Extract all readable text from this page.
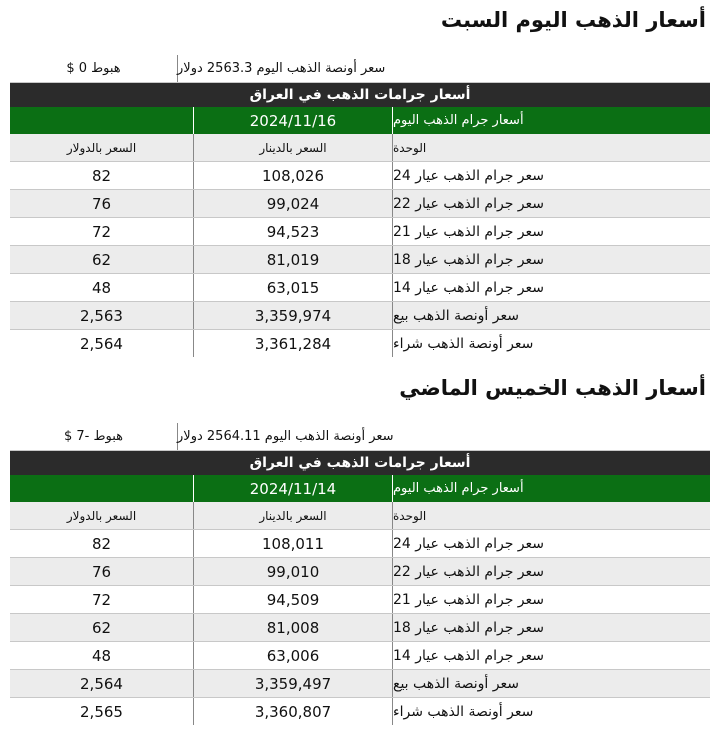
أسعار الذهب اليوم السبت
هبوط 0 $	سعر أونصة الذهب اليوم 2563.3 دولار
أسعار جرامات الذهب في العراق
2024/11/16	أسعار جرام الذهب اليوم
السعر بالدولار	السعر بالدينار	الوحدة
82	108,026	سعر جرام الذهب عيار 24
76	99,024	سعر جرام الذهب عيار 22
72	94,523	سعر جرام الذهب عيار 21
62	81,019	سعر جرام الذهب عيار 18
48	63,015	سعر جرام الذهب عيار 14
2,563	3,359,974	سعر أونصة الذهب بيع
2,564	3,361,284	سعر أونصة الذهب شراء
أسعار الذهب الخميس الماضي
هبوط -7 $	سعر أونصة الذهب اليوم 2564.11 دولار
أسعار جرامات الذهب في العراق
2024/11/14	أسعار جرام الذهب اليوم
السعر بالدولار	السعر بالدينار	الوحدة
82	108,011	سعر جرام الذهب عيار 24
76	99,010	سعر جرام الذهب عيار 22
72	94,509	سعر جرام الذهب عيار 21
62	81,008	سعر جرام الذهب عيار 18
48	63,006	سعر جرام الذهب عيار 14
2,564	3,359,497	سعر أونصة الذهب بيع
2,565	3,360,807	سعر أونصة الذهب شراء
